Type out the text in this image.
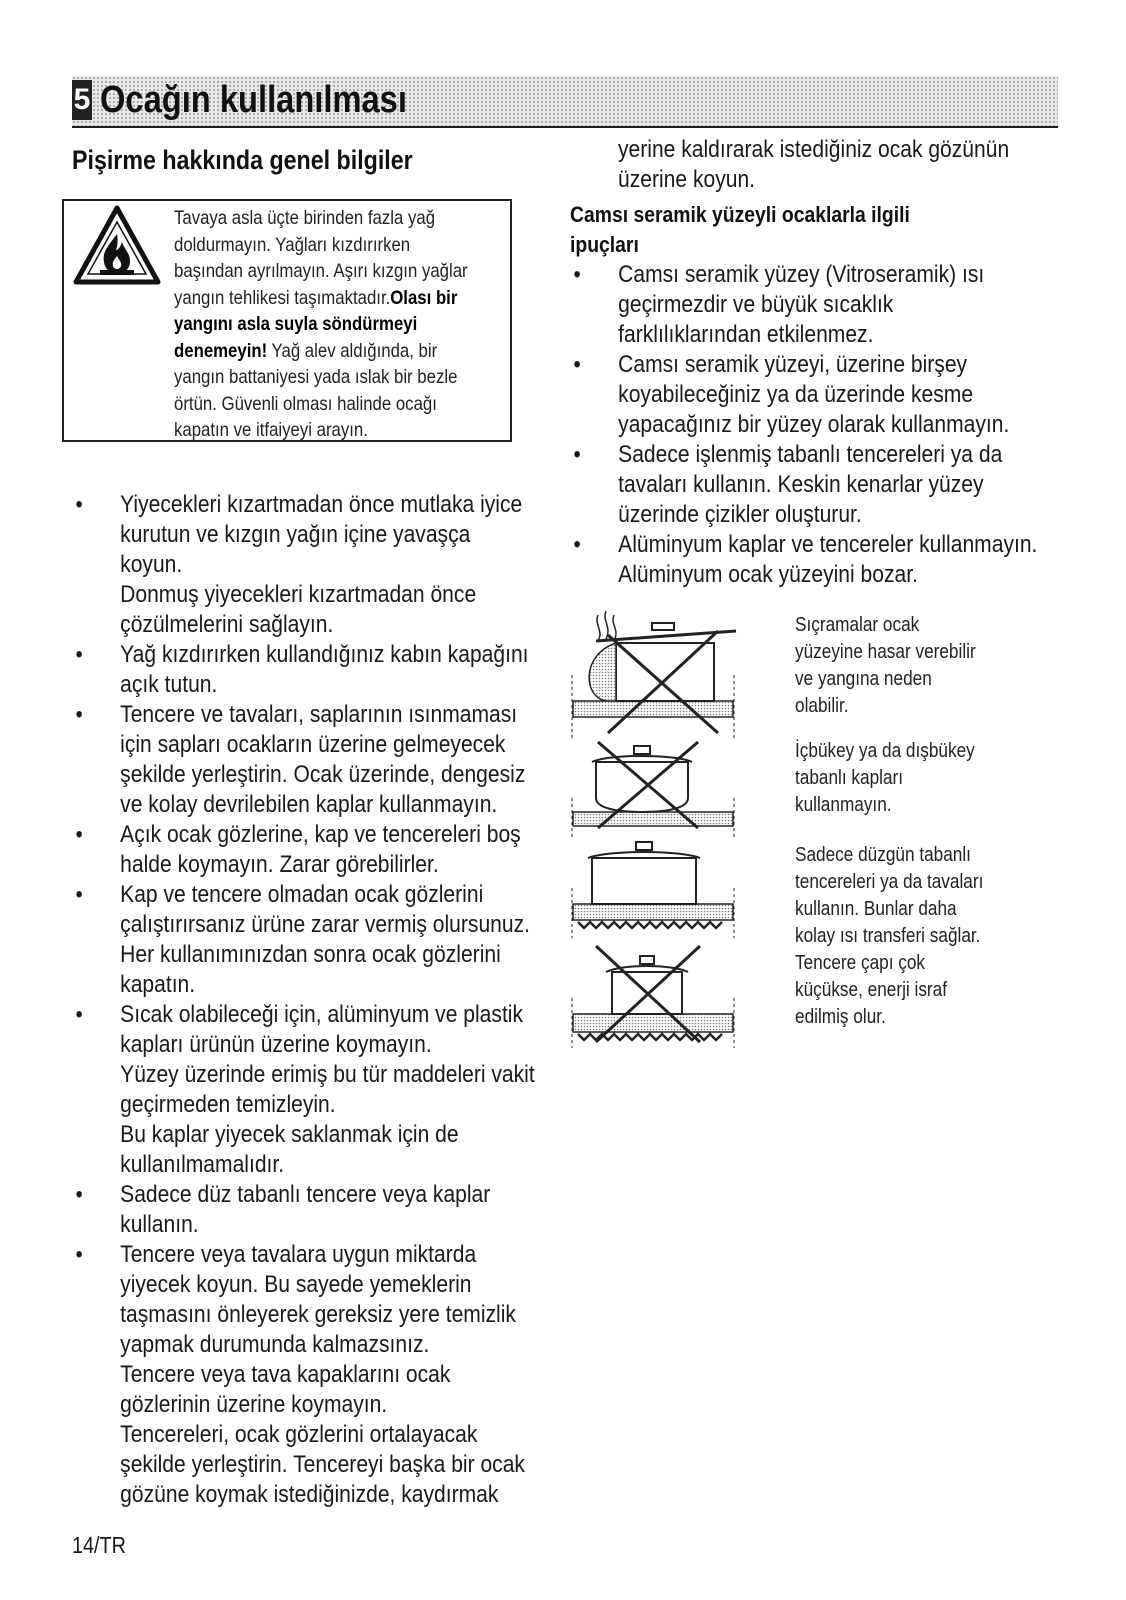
5 Ocağın kullanılması
Pişirme hakkında genel bilgiler
Tavaya asla üçte birinden fazla yağ
doldurmayın. Yağları kızdırırken
başından ayrılmayın. Aşırı kızgın yağlar
yangın tehlikesi taşımaktadır.Olası bir
yangını asla suyla söndürmeyi
denemeyin! Yağ alev aldığında, bir
yangın battaniyesi yada ıslak bir bezle
örtün. Güvenli olması halinde ocağı
kapatın ve itfaiyeyi arayın.
• Yiyecekleri kızartmadan önce mutlaka iyice
kurutun ve kızgın yağın içine yavaşça koyun.
Donmuş yiyecekleri kızartmadan önce
çözülmelerini sağlayın.
• Yağ kızdırırken kullandığınız kabın kapağını
açık tutun.
• Tencere ve tavaları, saplarının ısınmaması
için sapları ocakların üzerine gelmeyecek
şekilde yerleştirin. Ocak üzerinde, dengesiz
ve kolay devrilebilen kaplar kullanmayın.
• Açık ocak gözlerine, kap ve tencereleri boş
halde koymayın. Zarar görebilirler.
• Kap ve tencere olmadan ocak gözlerini
çalıştırırsanız ürüne zarar vermiş olursunuz.
Her kullanımınızdan sonra ocak gözlerini
kapatın.
• Sıcak olabileceği için, alüminyum ve plastik
kapları ürünün üzerine koymayın.
Yüzey üzerinde erimiş bu tür maddeleri vakit
geçirmeden temizleyin.
Bu kaplar yiyecek saklanmak için de
kullanılmamalıdır.
• Sadece düz tabanlı tencere veya kaplar
kullanın.
• Tencere veya tavalara uygun miktarda
yiyecek koyun. Bu sayede yemeklerin
taşmasını önleyerek gereksiz yere temizlik
yapmak durumunda kalmazsınız.
Tencere veya tava kapaklarını ocak
gözlerinin üzerine koymayın.
Tencereleri, ocak gözlerini ortalayacak
şekilde yerleştirin. Tencereyi başka bir ocak
gözüne koymak istediğinizde, kaydırmak
yerine kaldırarak istediğiniz ocak gözünün
üzerine koyun.
Camsı seramik yüzeyli ocaklarla ilgili
ipuçları
• Camsı seramik yüzey (Vitroseramik) ısı
geçirmezdir ve büyük sıcaklık
farklılıklarından etkilenmez.
• Camsı seramik yüzeyi, üzerine birşey
koyabileceğiniz ya da üzerinde kesme
yapacağınız bir yüzey olarak kullanmayın.
• Sadece işlenmiş tabanlı tencereleri ya da
tavaları kullanın. Keskin kenarlar yüzey
üzerinde çizikler oluşturur.
• Alüminyum kaplar ve tencereler kullanmayın.
Alüminyum ocak yüzeyini bozar.
Sıçramalar ocak
yüzeyine hasar verebilir
ve yangına neden
olabilir.
İçbükey ya da dışbükey
tabanlı kapları
kullanmayın.
Sadece düzgün tabanlı
tencereleri ya da tavaları
kullanın. Bunlar daha
kolay ısı transferi sağlar.
Tencere çapı çok
küçükse, enerji israf
edilmiş olur.
14/TR
